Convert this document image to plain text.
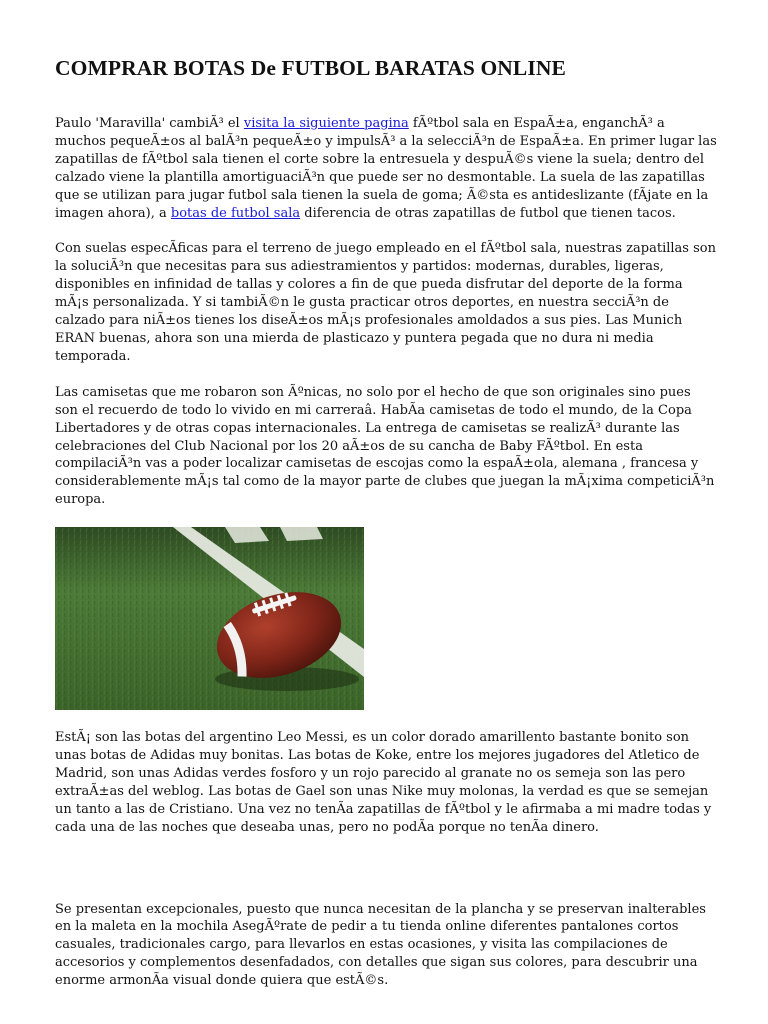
COMPRAR BOTAS De FUTBOL BARATAS ONLINE

Paulo 'Maravilla' cambiÃ³ el visita la siguiente pagina fÃºtbol sala en EspaÃ±a, enganchÃ³ a muchos pequeÃ±os al balÃ³n pequeÃ±o y impulsÃ³ a la selecciÃ³n de EspaÃ±a. En primer lugar las zapatillas de fÃºtbol sala tienen el corte sobre la entresuela y despuÃ©s viene la suela; dentro del calzado viene la plantilla amortiguaciÃ³n que puede ser no desmontable. La suela de las zapatillas que se utilizan para jugar futbol sala tienen la suela de goma; Ã©sta es antideslizante (fÃjate en la imagen ahora), a botas de futbol sala diferencia de otras zapatillas de futbol que tienen tacos.

Con suelas especÃficas para el terreno de juego empleado en el fÃºtbol sala, nuestras zapatillas son la soluciÃ³n que necesitas para sus adiestramientos y partidos: modernas, durables, ligeras, disponibles en infinidad de tallas y colores a fin de que pueda disfrutar del deporte de la forma mÃ¡s personalizada. Y si tambiÃ©n le gusta practicar otros deportes, en nuestra secciÃ³n de calzado para niÃ±os tienes los diseÃ±os mÃ¡s profesionales amoldados a sus pies. Las Munich ERAN buenas, ahora son una mierda de plasticazo y puntera pegada que no dura ni media temporada.

Las camisetas que me robaron son Ãºnicas, no solo por el hecho de que son originales sino pues son el recuerdo de todo lo vivido en mi carreraâ. HabÃa camisetas de todo el mundo, de la Copa Libertadores y de otras copas internacionales. La entrega de camisetas se realizÃ³ durante las celebraciones del Club Nacional por los 20 aÃ±os de su cancha de Baby FÃºtbol. En esta compilaciÃ³n vas a poder localizar camisetas de escojas como la espaÃ±ola, alemana , francesa y considerablemente mÃ¡s tal como de la mayor parte de clubes que juegan la mÃ¡xima competiciÃ³n europa.

EstÃ¡ son las botas del argentino Leo Messi, es un color dorado amarillento bastante bonito son unas botas de Adidas muy bonitas. Las botas de Koke, entre los mejores jugadores del Atletico de Madrid, son unas Adidas verdes fosforo y un rojo parecido al granate no os semeja son las pero extraÃ±as del weblog. Las botas de Gael son unas Nike muy molonas, la verdad es que se semejan un tanto a las de Cristiano. Una vez no tenÃa zapatillas de fÃºtbol y le afirmaba a mi madre todas y cada una de las noches que deseaba unas, pero no podÃa porque no tenÃa dinero.

Se presentan excepcionales, puesto que nunca necesitan de la plancha y se preservan inalterables en la maleta en la mochila AsegÃºrate de pedir a tu tienda online diferentes pantalones cortos casuales, tradicionales cargo, para llevarlos en estas ocasiones, y visita las compilaciones de accesorios y complementos desenfadados, con detalles que sigan sus colores, para descubrir una enorme armonÃa visual donde quiera que estÃ©s.
